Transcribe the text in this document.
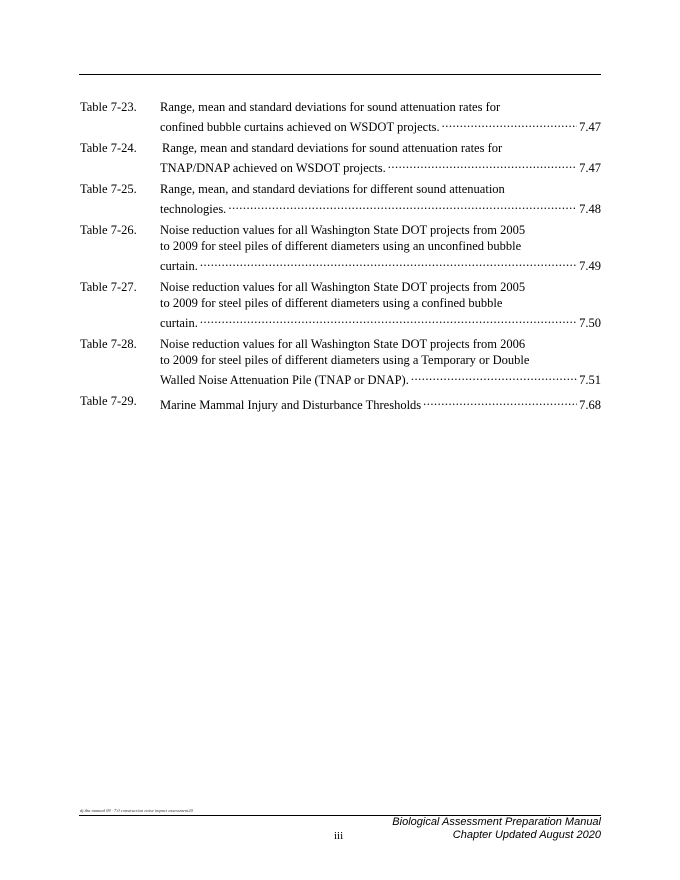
Table 7-23.	Range, mean and standard deviations for sound attenuation rates for
confined bubble curtains achieved on WSDOT projects. .....	7.47
Table 7-24.	Range, mean and standard deviations for sound attenuation rates for
TNAP/DNAP achieved on WSDOT projects. .....	7.47
Table 7-25.	Range, mean, and standard deviations for different sound attenuation
technologies. .....	7.48
Table 7-26.	Noise reduction values for all Washington State DOT projects from 2005
to 2009 for steel piles of different diameters using an unconfined bubble
curtain. .....	7.49
Table 7-27.	Noise reduction values for all Washington State DOT projects from 2005
to 2009 for steel piles of different diameters using a confined bubble
curtain. .....	7.50
Table 7-28.	Noise reduction values for all Washington State DOT projects from 2006
to 2009 for steel piles of different diameters using a Temporary or Double
Walled Noise Attenuation Pile (TNAP or DNAP). .....	7.51
Table 7-29.	Marine Mammal Injury and Disturbance Thresholds .....	7.68
dj.tba manual 09 · 7.0 construction noise impact assessment20
Biological Assessment Preparation Manual
Chapter Updated August 2020
iii
